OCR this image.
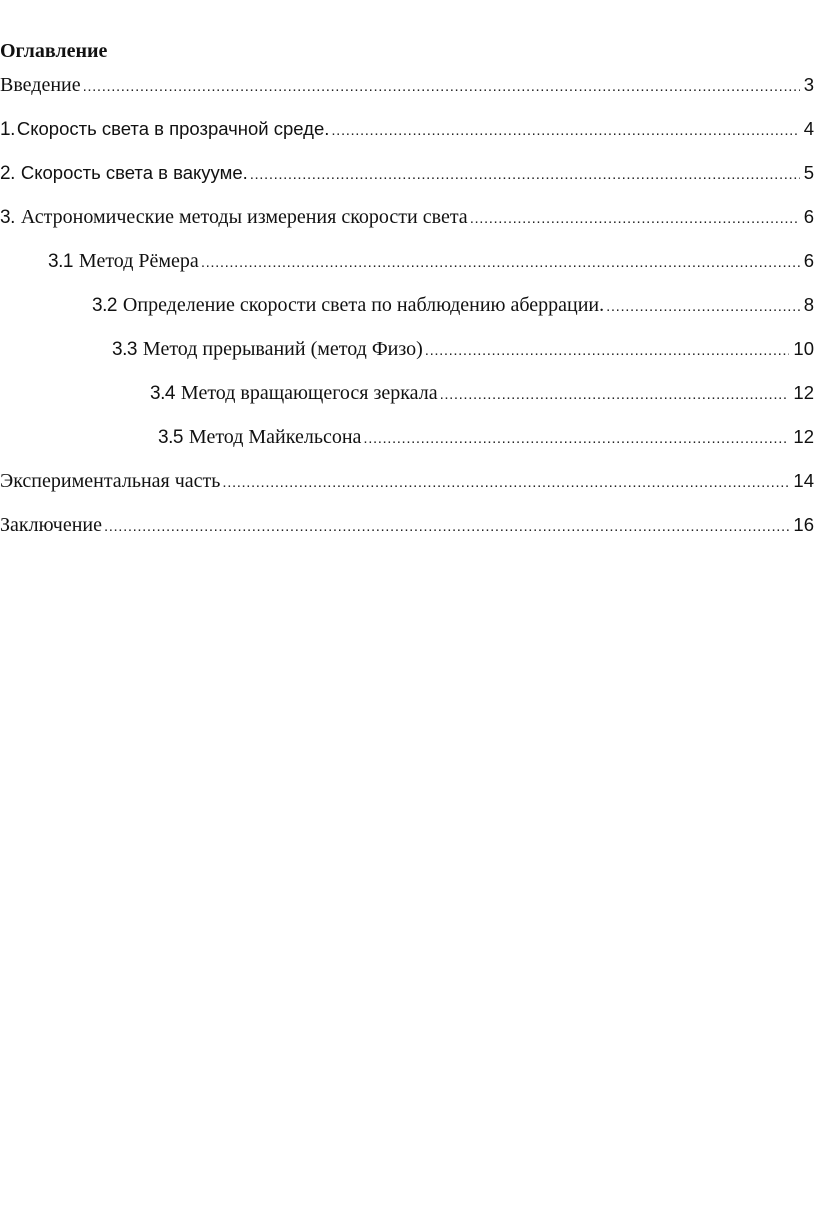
Оглавление
Введение .....	3
1. Скорость света в прозрачной среде. .....	4
2. Скорость света в вакууме. .....	5
3. Астрономические методы измерения скорости света .....	6
3.1 Метод Рёмера .....	6
3.2 Определение скорости света по наблюдению аберрации. .....	8
3.3 Метод прерываний (метод Физо) .....	10
3.4 Метод вращающегося зеркала .....	12
3.5 Метод Майкельсона .....	12
Экспериментальная часть .....	14
Заключение .....	16
